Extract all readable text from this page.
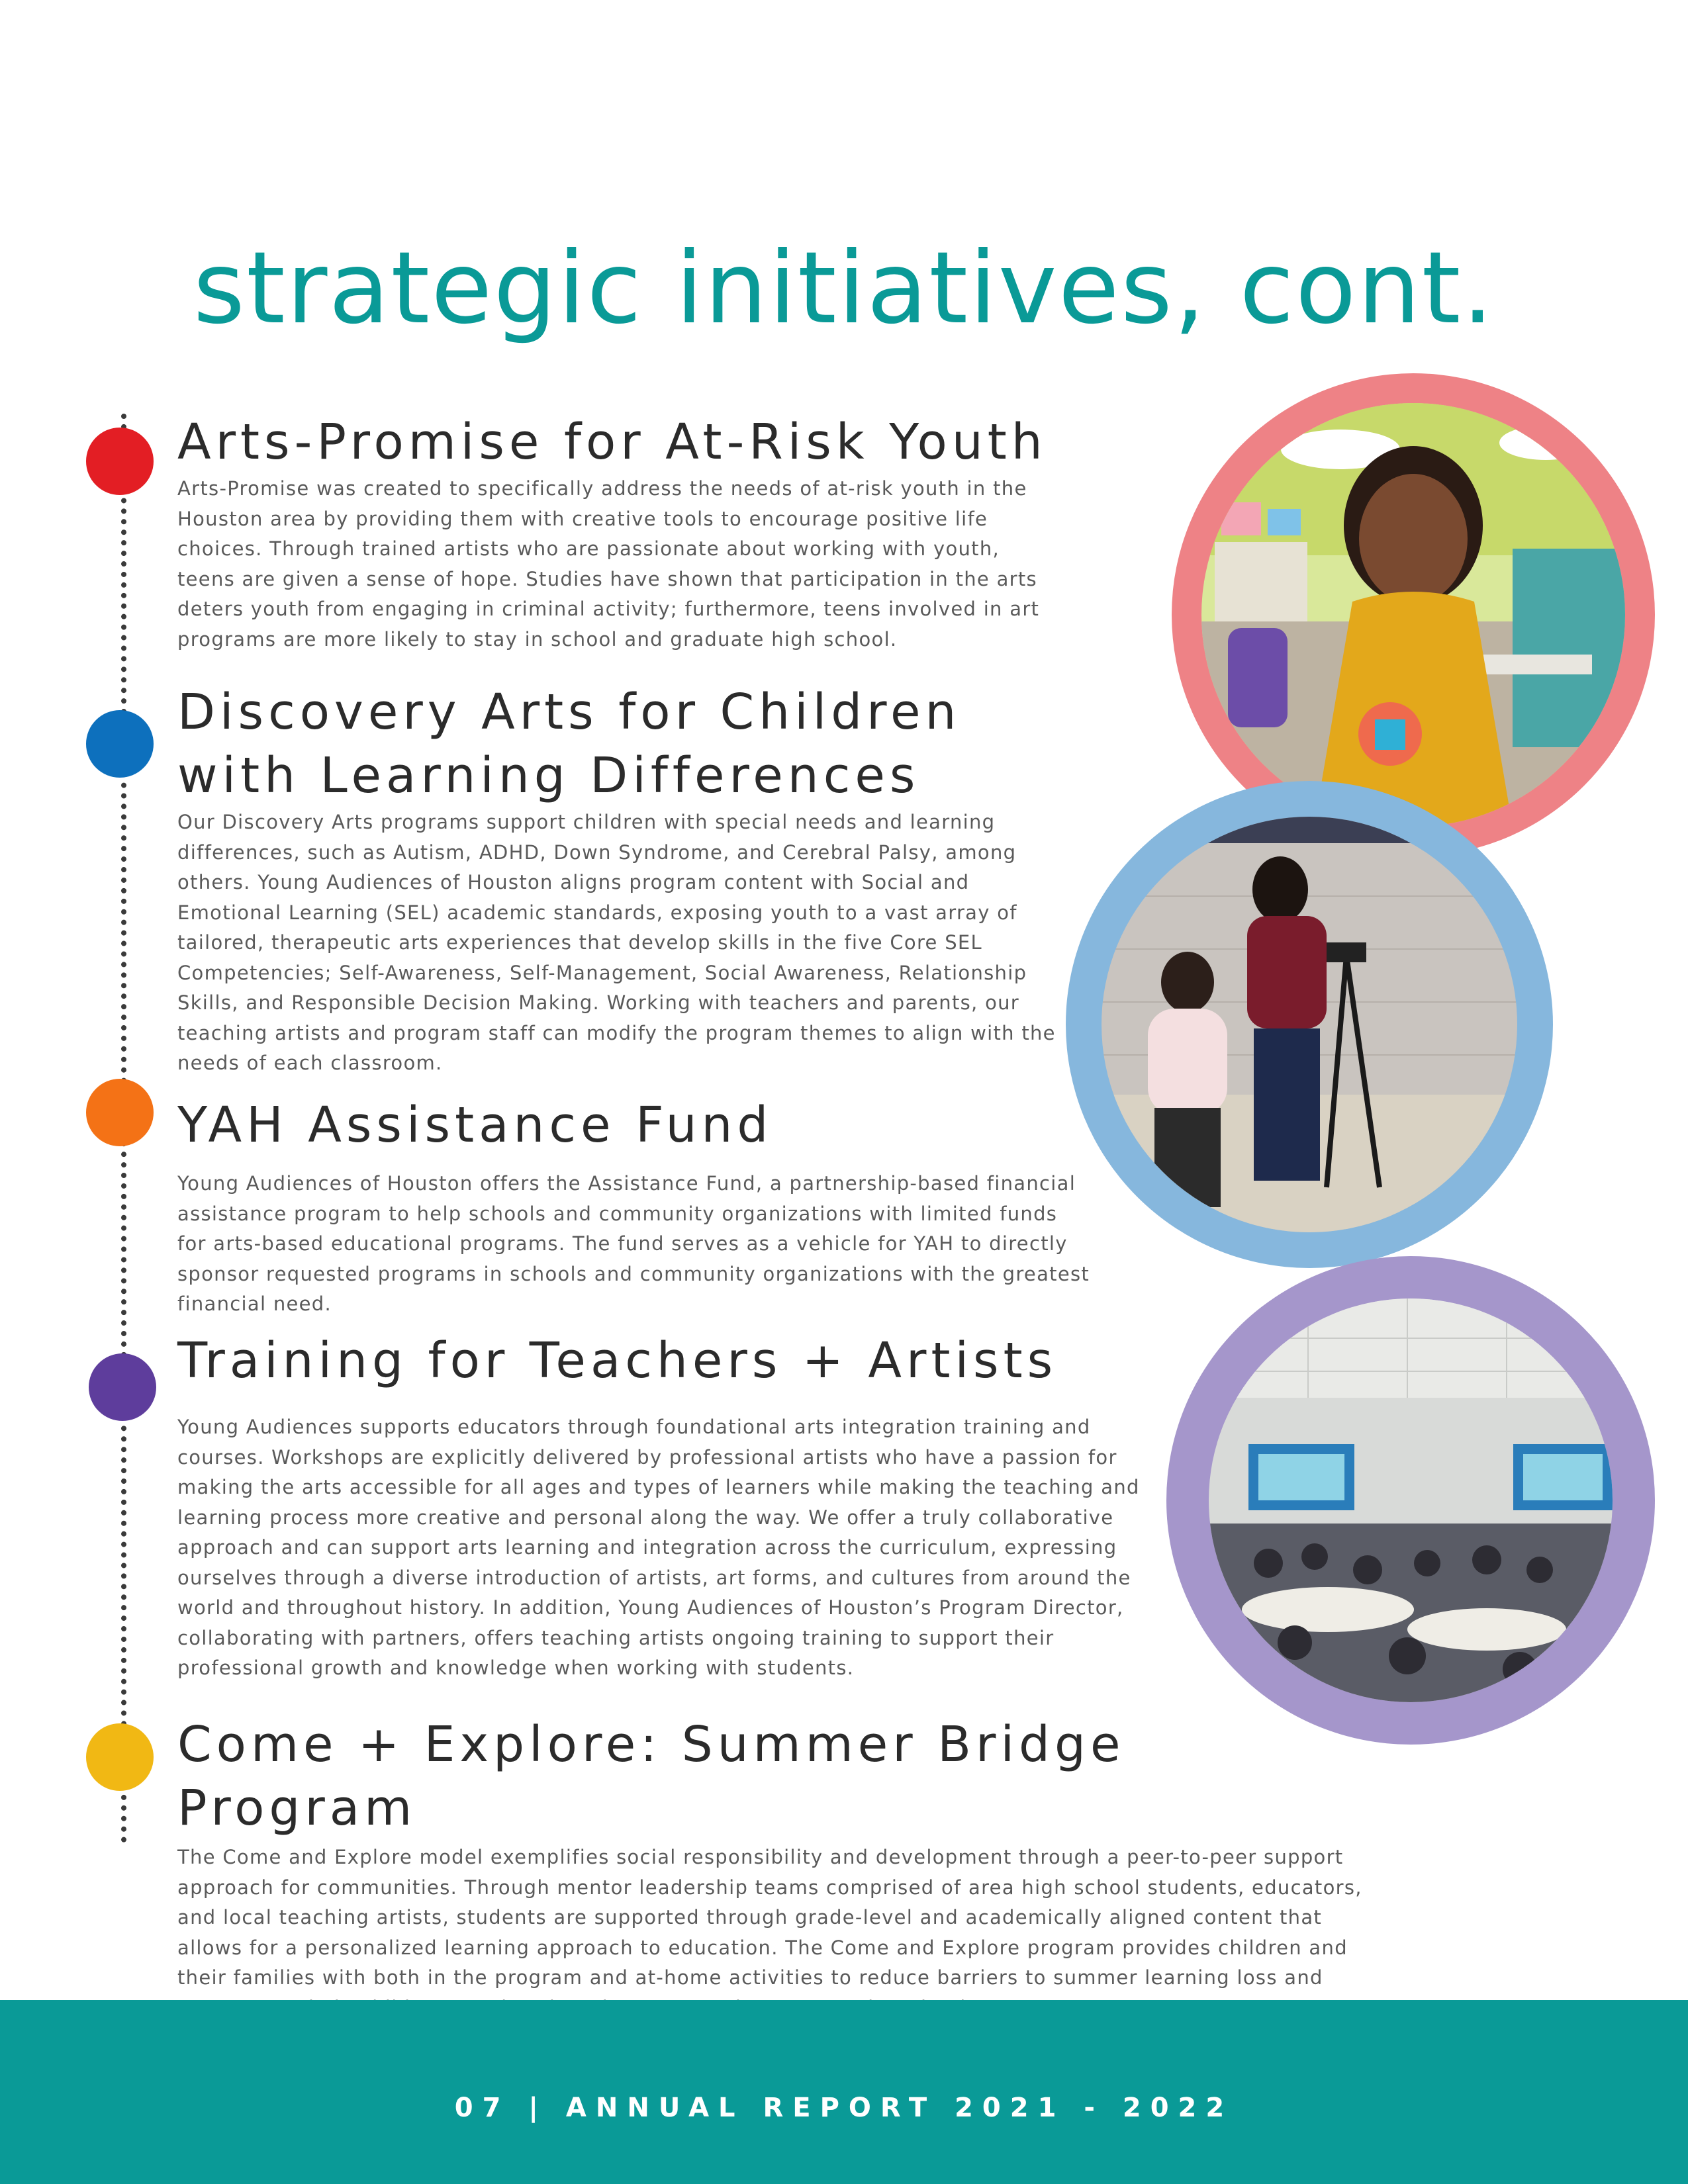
strategic initiatives, cont.
Arts-Promise for At-Risk Youth

Arts-Promise was created to specifically address the needs of at-risk youth in the Houston area by providing them with creative tools to encourage positive life choices. Through trained artists who are passionate about working with youth, teens are given a sense of hope. Studies have shown that participation in the arts deters youth from engaging in criminal activity; furthermore, teens involved in art programs are more likely to stay in school and graduate high school.

Discovery Arts for Children with Learning Differences

Our Discovery Arts programs support children with special needs and learning differences, such as Autism, ADHD, Down Syndrome, and Cerebral Palsy, among others. Young Audiences of Houston aligns program content with Social and Emotional Learning (SEL) academic standards, exposing youth to a vast array of tailored, therapeutic arts experiences that develop skills in the five Core SEL Competencies; Self-Awareness, Self-Management, Social Awareness, Relationship Skills, and Responsible Decision Making. Working with teachers and parents, our teaching artists and program staff can modify the program themes to align with the needs of each classroom.

YAH Assistance Fund

Young Audiences of Houston offers the Assistance Fund, a partnership-based financial assistance program to help schools and community organizations with limited funds for arts-based educational programs. The fund serves as a vehicle for YAH to directly sponsor requested programs in schools and community organizations with the greatest financial need.

Training for Teachers + Artists

Young Audiences supports educators through foundational arts integration training and courses. Workshops are explicitly delivered by professional artists who have a passion for making the arts accessible for all ages and types of learners while making the teaching and learning process more creative and personal along the way. We offer a truly collaborative approach and can support arts learning and integration across the curriculum, expressing ourselves through a diverse introduction of artists, art forms, and cultures from around the world and throughout history. In addition, Young Audiences of Houston’s Program Director, collaborating with partners, offers teaching artists ongoing training to support their professional growth and knowledge when working with students.

Come + Explore: Summer Bridge Program

The Come and Explore model exemplifies social responsibility and development through a peer-to-peer support approach for communities. Through mentor leadership teams comprised of area high school students, educators, and local teaching artists, students are supported through grade-level and academically aligned content that allows for a personalized learning approach to education. The Come and Explore program provides children and their families with both in the program and at-home activities to reduce barriers to summer learning loss and

07 | ANNUAL REPORT 2021 - 2022
